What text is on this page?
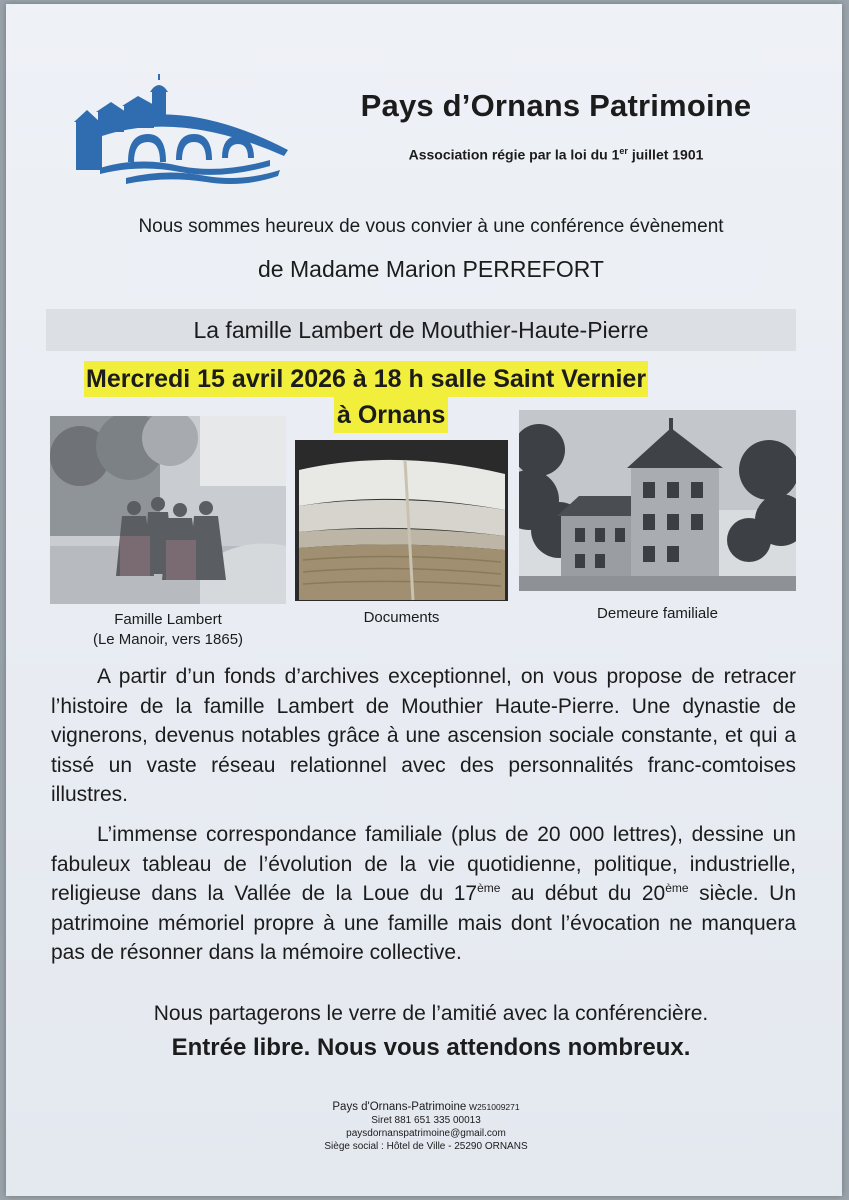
Pays d’Ornans Patrimoine
Association régie par la loi du 1er juillet 1901
Nous sommes heureux de vous convier à une conférence évènement
de Madame Marion PERREFORT
La famille Lambert de Mouthier-Haute-Pierre
Mercredi 15 avril 2026 à 18 h salle Saint Vernier
à Ornans
Famille Lambert
(Le Manoir, vers 1865)
Documents	Demeure familiale

A partir d’un fonds d’archives exceptionnel, on vous propose de retracer l’histoire de la famille Lambert de Mouthier Haute-Pierre. Une dynastie de vignerons, devenus notables grâce à une ascension sociale constante, et qui a tissé un vaste réseau relationnel avec des personnalités franc-comtoises illustres.

L’immense correspondance familiale (plus de 20 000 lettres), dessine un fabuleux tableau de l’évolution de la vie quotidienne, politique, industrielle, religieuse dans la Vallée de la Loue du 17ème au début du 20ème siècle. Un patrimoine mémoriel propre à une famille mais dont l’évocation ne manquera pas de résonner dans la mémoire collective.

Nous partagerons le verre de l’amitié avec la conférencière.
Entrée libre. Nous vous attendons nombreux.
Pays d'Ornans-Patrimoine W251009271
Siret 881 651 335 00013
paysdornanspatrimoine@gmail.com
Siège social : Hôtel de Ville - 25290 ORNANS
